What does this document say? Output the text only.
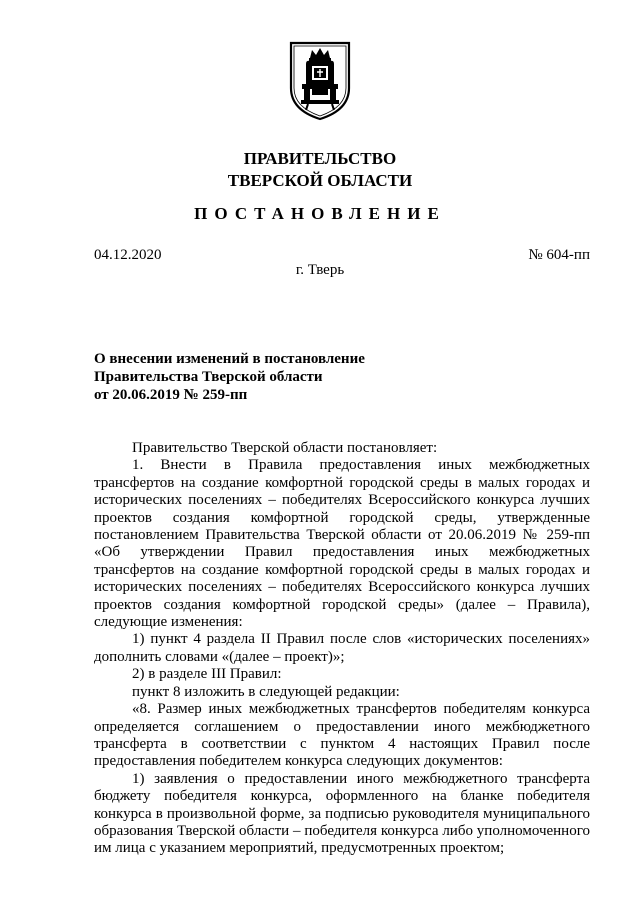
ПРАВИТЕЛЬСТВО
ТВЕРСКОЙ ОБЛАСТИ
ПОСТАНОВЛЕНИЕ
04.12.2020	№ 604-пп
г. Тверь
О внесении изменений в постановление
Правительства Тверской области
от 20.06.2019 № 259-пп

Правительство Тверской области постановляет:

1. Внести в Правила предоставления иных межбюджетных трансфертов на создание комфортной городской среды в малых городах и исторических поселениях – победителях Всероссийского конкурса лучших проектов создания комфортной городской среды, утвержденные постановлением Правительства Тверской области от 20.06.2019 № 259-пп «Об утверждении Правил предоставления иных межбюджетных трансфертов на создание комфортной городской среды в малых городах и исторических поселениях – победителях Всероссийского конкурса лучших проектов создания комфортной городской среды» (далее – Правила), следующие изменения:

1) пункт 4 раздела II Правил после слов «исторических поселениях» дополнить словами «(далее – проект)»;

2) в разделе III Правил:

пункт 8 изложить в следующей редакции:

«8. Размер иных межбюджетных трансфертов победителям конкурса определяется соглашением о предоставлении иного межбюджетного трансферта в соответствии с пунктом 4 настоящих Правил после предоставления победителем конкурса следующих документов:

1) заявления о предоставлении иного межбюджетного трансферта бюджету победителя конкурса, оформленного на бланке победителя конкурса в произвольной форме, за подписью руководителя муниципального образования Тверской области – победителя конкурса либо уполномоченного им лица с указанием мероприятий, предусмотренных проектом;
